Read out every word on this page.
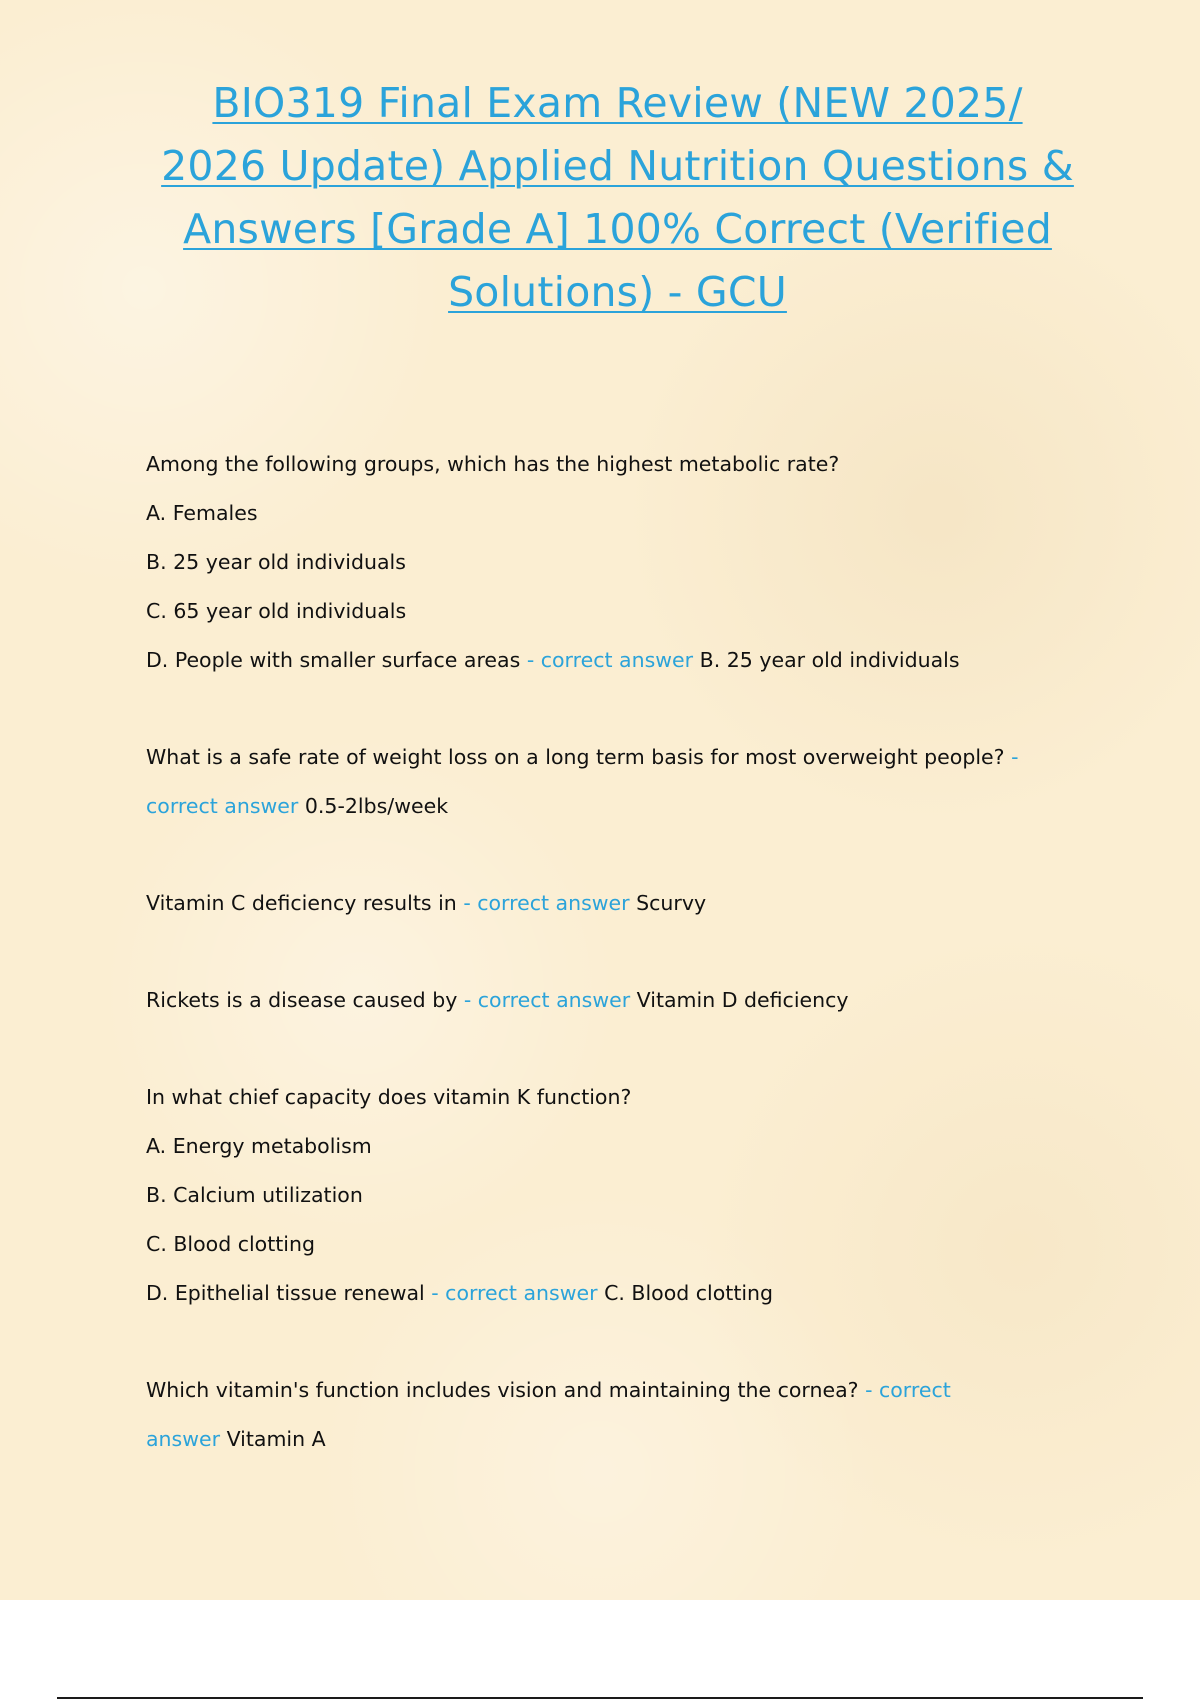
BIO319 Final Exam Review (NEW 2025/
2026 Update) Applied Nutrition Questions &
Answers [Grade A] 100% Correct (Verified
Solutions) - GCU
Among the following groups, which has the highest metabolic rate?
A. Females
B. 25 year old individuals
C. 65 year old individuals
D. People with smaller surface areas - correct answer B. 25 year old individuals
What is a safe rate of weight loss on a long term basis for most overweight people? -
correct answer 0.5-2lbs/week
Vitamin C deficiency results in - correct answer Scurvy
Rickets is a disease caused by - correct answer Vitamin D deficiency
In what chief capacity does vitamin K function?
A. Energy metabolism
B. Calcium utilization
C. Blood clotting
D. Epithelial tissue renewal - correct answer C. Blood clotting
Which vitamin's function includes vision and maintaining the cornea? - correct
answer Vitamin A
